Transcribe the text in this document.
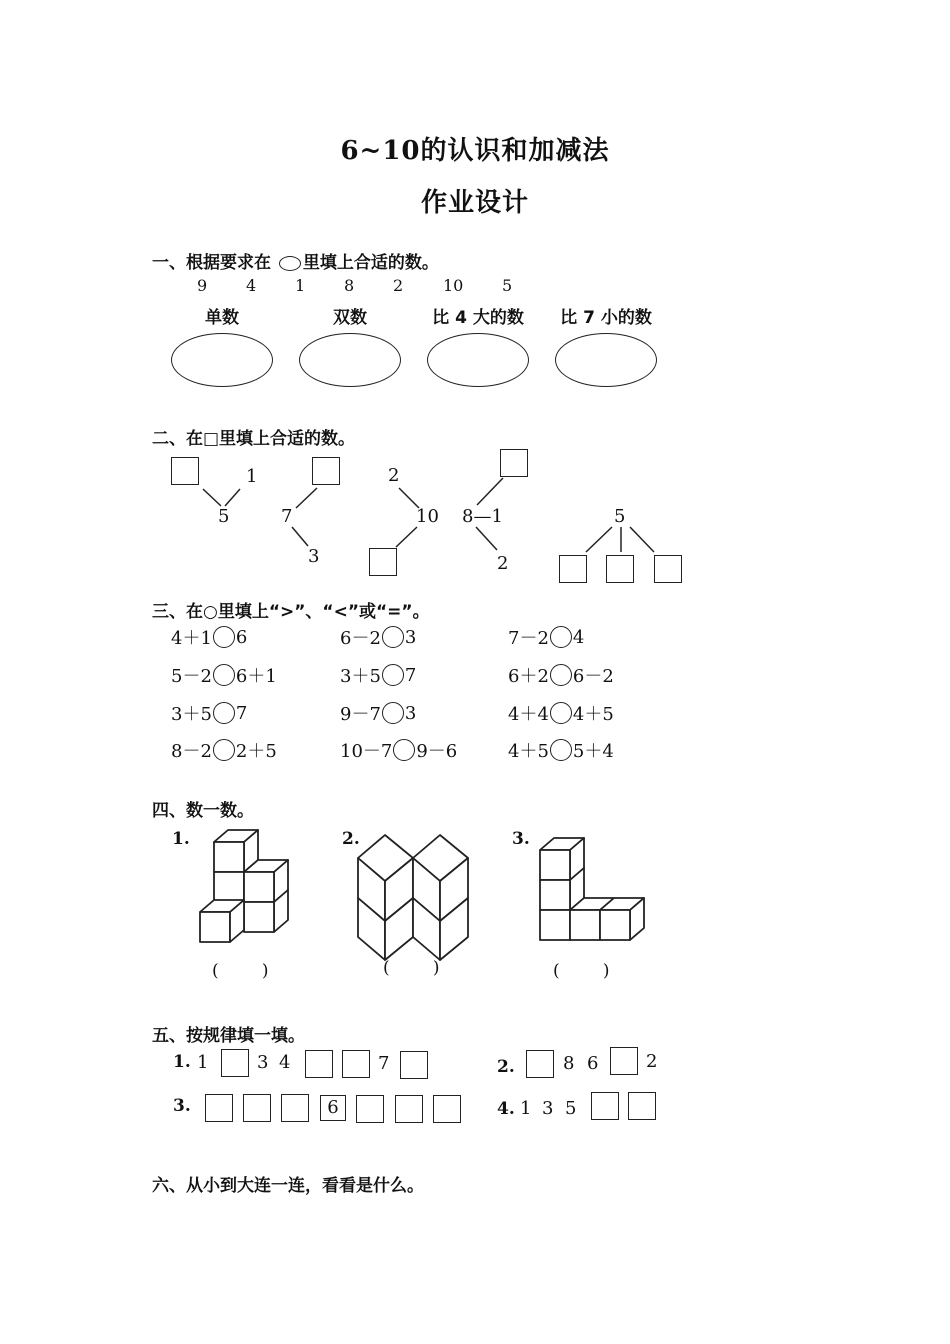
6~10的认识和加减法
作业设计
一、根据要求在 里填上合适的数。
9 4 1 8 2 10 5
单数	双数	比 4 大的数	比 7 小的数
二、在□里填上合适的数。
1
5	7
3
2
10 8—1
2
5
三、在○里填上“>”、“<”或“=”。
4＋1 6	6－2 3	7－2 4
5－2 6＋1	3＋5 7	6＋2 6－2
3＋5 7	9－7 3	4＋4 4＋5
8－2 2＋5	10－7 9－6	4＋5 5＋4
四、数一数。
1.	2.	3.
(        )	(        )	(        )
五、按规律填一填。
1. 1	3 4	7	2.	8 6	2
3.	6	4. 1 3 5
六、从小到大连一连，看看是什么。
